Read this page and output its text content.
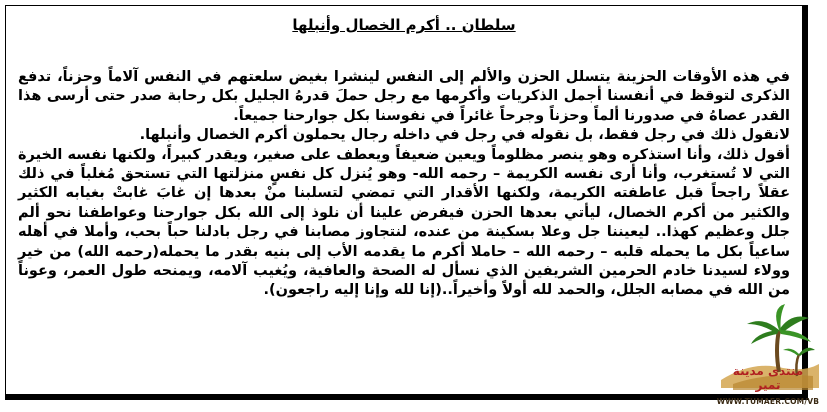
سلطان .. أكرم الخصال وأنبلها

في هذه الأوقات الحزينة يتسلل الحزن والألم إلى النفس لينشرا بغيض سلعتهم في النفس آلاماً وحزناً، تدفع الذكرى لتوقظ في أنفسنا أجمل الذكريات وأكرمها مع رجل حملَ قدرهُ الجليل بكل رحابة صدر حتى أرسى هذا القدر عصاهُ في صدورنا ألماً وحزناً وجرحاً غائراً في نفوسنا بكل جوارحنا جميعاً.

لانقول ذلك في رجل فقط، بل نقوله في رجل في داخله رجال يحملون أكرم الخصال وأنبلها.

أقول ذلك، وأنا استذكره وهو ينصر مظلوماً ويعين ضعيفاً ويعطف على صغير، ويقدر كبيراً، ولكنها نفسه الخيرة التي لا تُستغرب، وأنا أرى نفسه الكريمة – رحمه الله- وهو يُنزل كل نفسٍ منزلتها التي تستحق مُغلباً في ذلك عقلاً راجحاً قبل عاطفته الكريمة، ولكنها الأقدار التي تمضي لتسلبنا منْ بعدها إن غابَ غابتْ بغيابه الكثير والكثير من أكرم الخصال، ليأتي بعدها الحزن فيفرض علينا أن نلوذ إلى الله بكل جوارحنا وعواطفنا نحو ألم جلل وعظيم كهذا.. ليعيننا جل وعلا بسكينة من عنده، لنتجاوز مصابنا في رجل بادلنا حباً بحب، وأملا في أهله ساعياً بكل ما يحمله قلبه – رحمه الله – حاملا أكرم ما يقدمه الأب إلى بنيه بقدر ما يحمله(رحمه الله) من خير وولاء لسيدنا خادم الحرمين الشريفين الذي نسأل له الصحة والعافية، ويُغيب آلامه، ويمنحه طول العمر، وعوناً من الله في مصابه الجلل، والحمد لله أولاً وأخيراً..(إنا لله وإنا إليه راجعون).

منتدى مدينة تمير
WWW.TUMAER.COM/VB
